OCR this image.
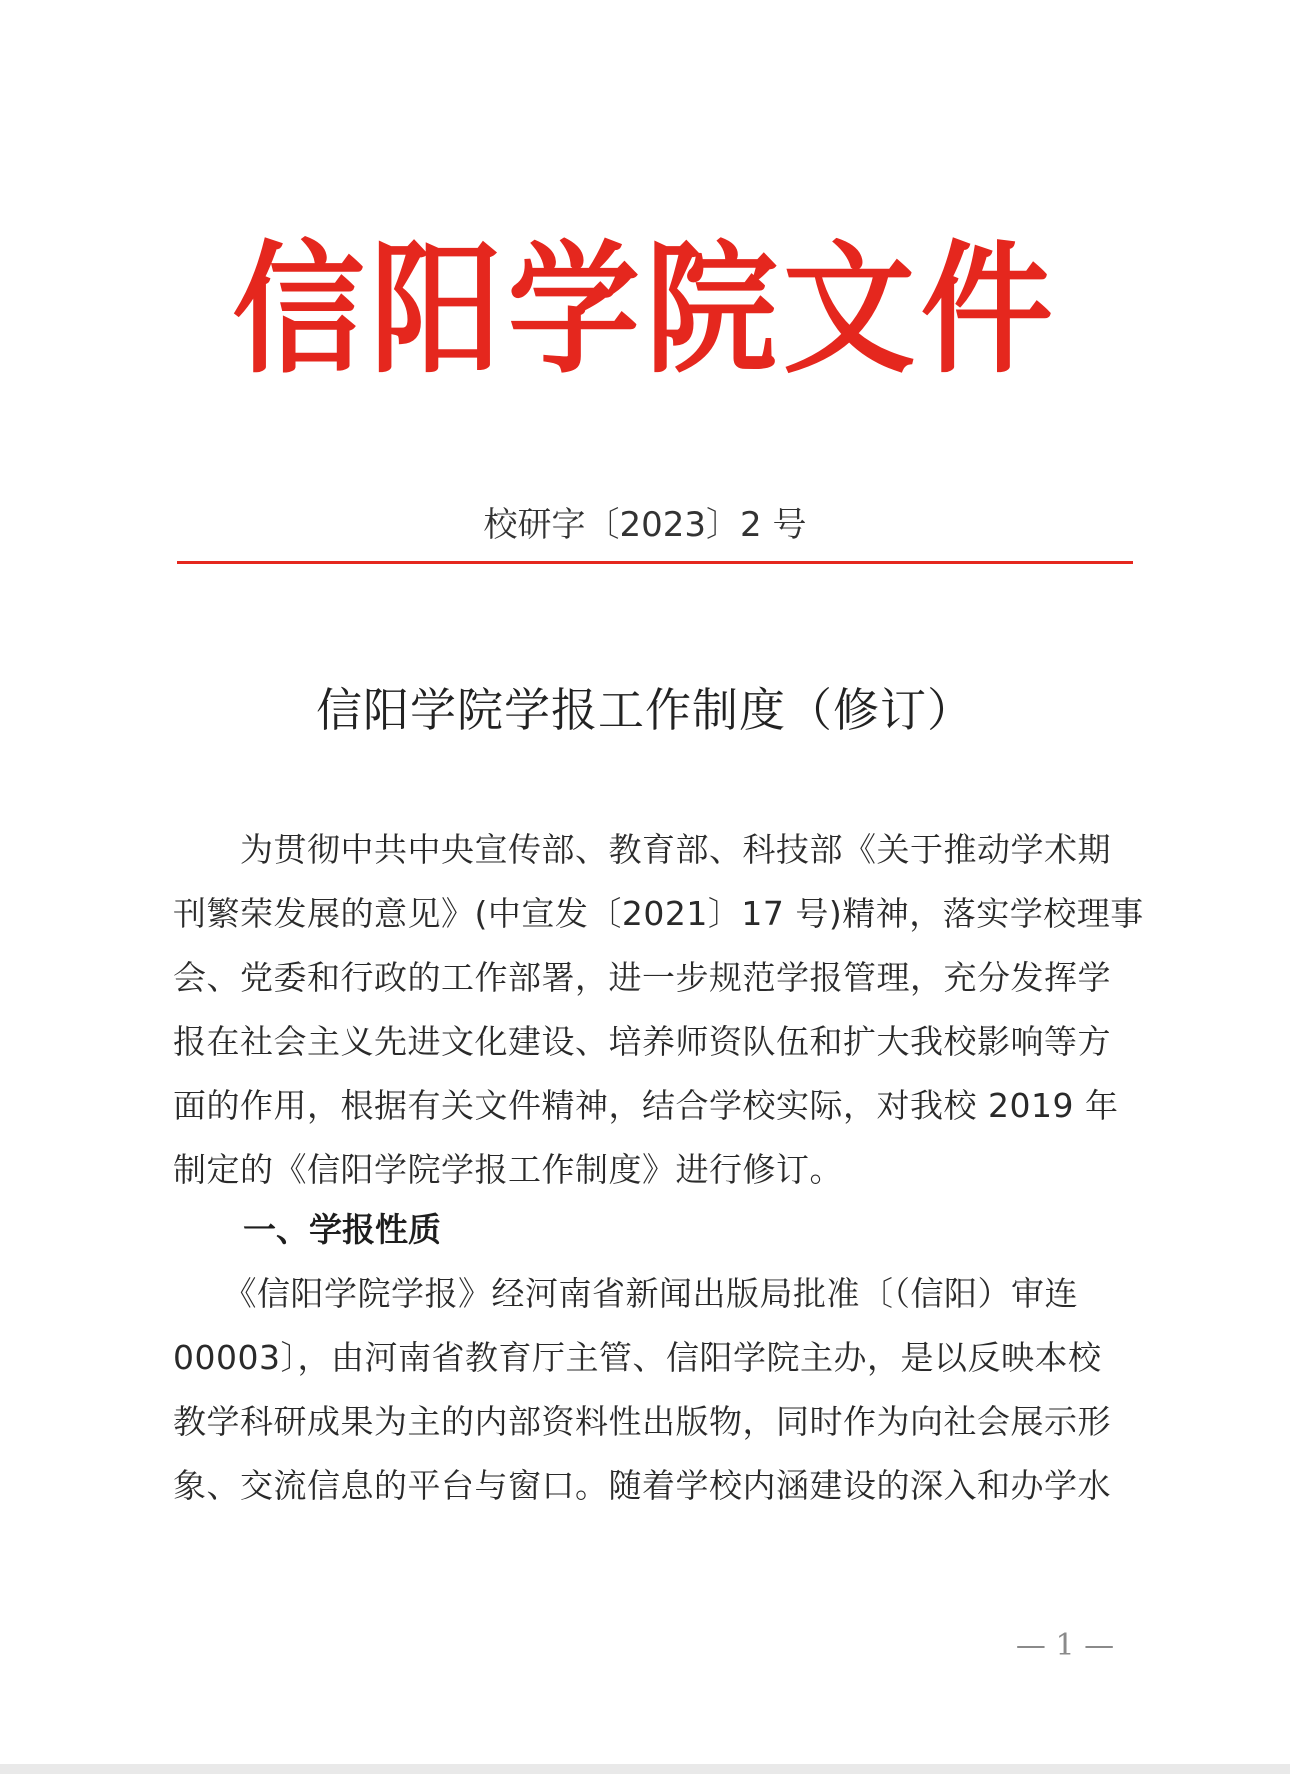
信阳学院文件
校研字〔2023〕2 号
信阳学院学报工作制度（修订）
　　为贯彻中共中央宣传部、教育部、科技部《关于推动学术期
刊繁荣发展的意见》(中宣发〔2021〕17 号)精神，落实学校理事
会、党委和行政的工作部署，进一步规范学报管理，充分发挥学
报在社会主义先进文化建设、培养师资队伍和扩大我校影响等方
面的作用，根据有关文件精神，结合学校实际，对我校 2019 年
制定的《信阳学院学报工作制度》进行修订。
一、学报性质
　　《信阳学院学报》经河南省新闻出版局批准〔（信阳）审连
00003〕，由河南省教育厅主管、信阳学院主办，是以反映本校
教学科研成果为主的内部资料性出版物，同时作为向社会展示形
象、交流信息的平台与窗口。随着学校内涵建设的深入和办学水
— 1 —
